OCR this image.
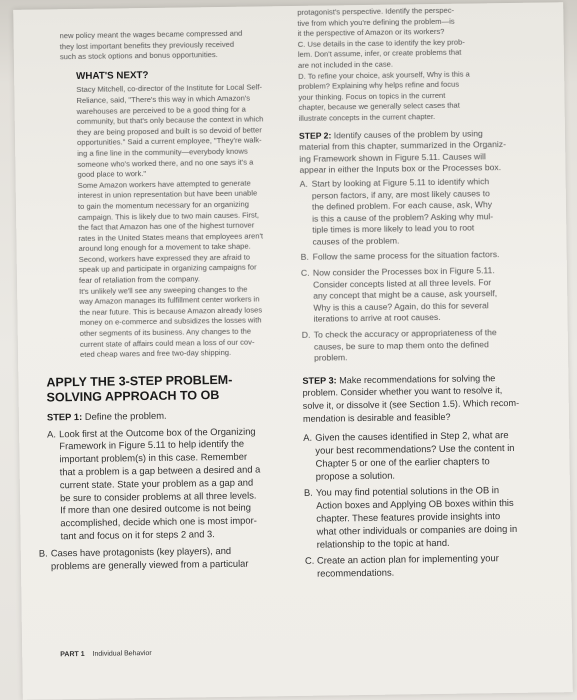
new policy meant the wages became compressed and
they lost important benefits they previously received
such as stock options and bonus opportunities.
WHAT'S NEXT?
Stacy Mitchell, co-director of the Institute for Local Self-
Reliance, said, "There's this way in which Amazon's
warehouses are perceived to be a good thing for a
community, but that's only because the context in which
they are being proposed and built is so devoid of better
opportunities." Said a current employee, "They're walk-
ing a fine line in the community—everybody knows
someone who's worked there, and no one says it's a
good place to work."
Some Amazon workers have attempted to generate
interest in union representation but have been unable
to gain the momentum necessary for an organizing
campaign. This is likely due to two main causes. First,
the fact that Amazon has one of the highest turnover
rates in the United States means that employees aren't
around long enough for a movement to take shape.
Second, workers have expressed they are afraid to
speak up and participate in organizing campaigns for
fear of retaliation from the company.
It's unlikely we'll see any sweeping changes to the
way Amazon manages its fulfillment center workers in
the near future. This is because Amazon already loses
money on e-commerce and subsidizes the losses with
other segments of its business. Any changes to the
current state of affairs could mean a loss of our cov-
eted cheap wares and free two-day shipping.
APPLY THE 3-STEP PROBLEM-
SOLVING APPROACH TO OB
STEP 1:
Define the problem.
A. Look first at the Outcome box of the Organizing
Framework in Figure 5.11 to help identify the
important problem(s) in this case. Remember
that a problem is a gap between a desired and a
current state. State your problem as a gap and
be sure to consider problems at all three levels.
If more than one desired outcome is not being
accomplished, decide which one is most impor-
tant and focus on it for steps 2 and 3.
B. Cases have protagonists (key players), and
problems are generally viewed from a particular
protagonist's perspective. Identify the perspec-
tive from which you're defining the problem—is
it the perspective of Amazon or its workers?
C. Use details in the case to identify the key prob-
lem. Don't assume, infer, or create problems that
are not included in the case.
D. To refine your choice, ask yourself, Why is this a
problem? Explaining why helps refine and focus
your thinking. Focus on topics in the current
chapter, because we generally select cases that
illustrate concepts in the current chapter.
STEP 2: Identify causes of the problem by using
material from this chapter, summarized in the Organiz-
ing Framework shown in Figure 5.11. Causes will
appear in either the Inputs box or the Processes box.
A. Start by looking at Figure 5.11 to identify which
person factors, if any, are most likely causes to
the defined problem. For each cause, ask, Why
is this a cause of the problem? Asking why mul-
tiple times is more likely to lead you to root
causes of the problem.
B. Follow the same process for the situation factors.
C. Now consider the Processes box in Figure 5.11.
Consider concepts listed at all three levels. For
any concept that might be a cause, ask yourself,
Why is this a cause? Again, do this for several
iterations to arrive at root causes.
D. To check the accuracy or appropriateness of the
causes, be sure to map them onto the defined
problem.
STEP 3: Make recommendations for solving the
problem. Consider whether you want to resolve it,
solve it, or dissolve it (see Section 1.5). Which recom-
mendation is desirable and feasible?
A. Given the causes identified in Step 2, what are
your best recommendations? Use the content in
Chapter 5 or one of the earlier chapters to
propose a solution.
B. You may find potential solutions in the OB in
Action boxes and Applying OB boxes within this
chapter. These features provide insights into
what other individuals or companies are doing in
relationship to the topic at hand.
C. Create an action plan for implementing your
recommendations.
PART 1 Individual Behavior
